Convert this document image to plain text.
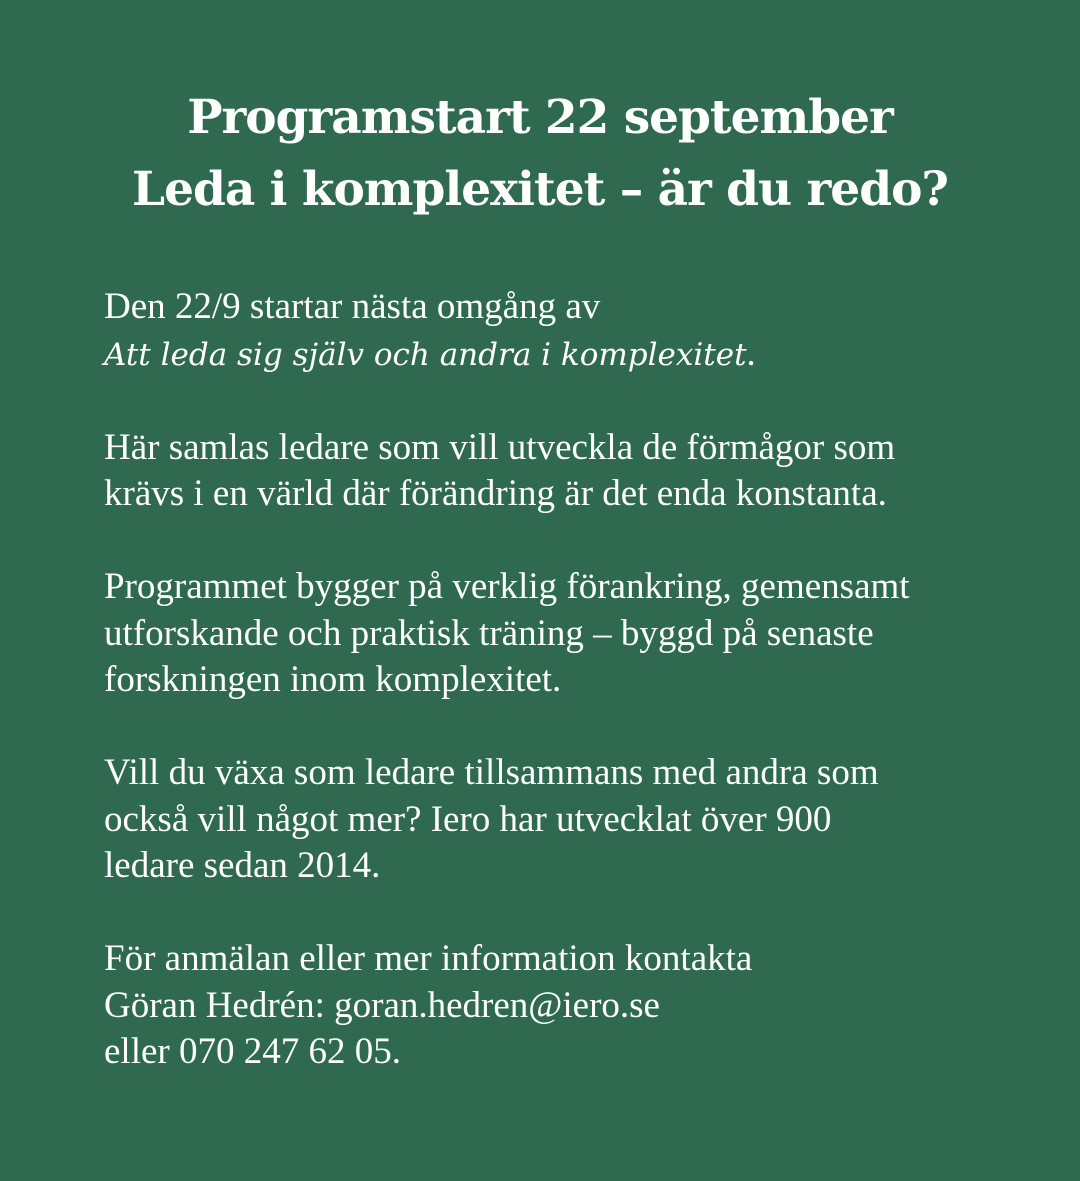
Programstart 22 september
Leda i komplexitet – är du redo?

Den 22/9 startar nästa omgång av
Att leda sig själv och andra i komplexitet.

Här samlas ledare som vill utveckla de förmågor som
krävs i en värld där förändring är det enda konstanta.

Programmet bygger på verklig förankring, gemensamt
utforskande och praktisk träning – byggd på senaste
forskningen inom komplexitet.

Vill du växa som ledare tillsammans med andra som
också vill något mer? Iero har utvecklat över 900
ledare sedan 2014.

För anmälan eller mer information kontakta
Göran Hedrén: goran.hedren@iero.se
eller 070 247 62 05.
